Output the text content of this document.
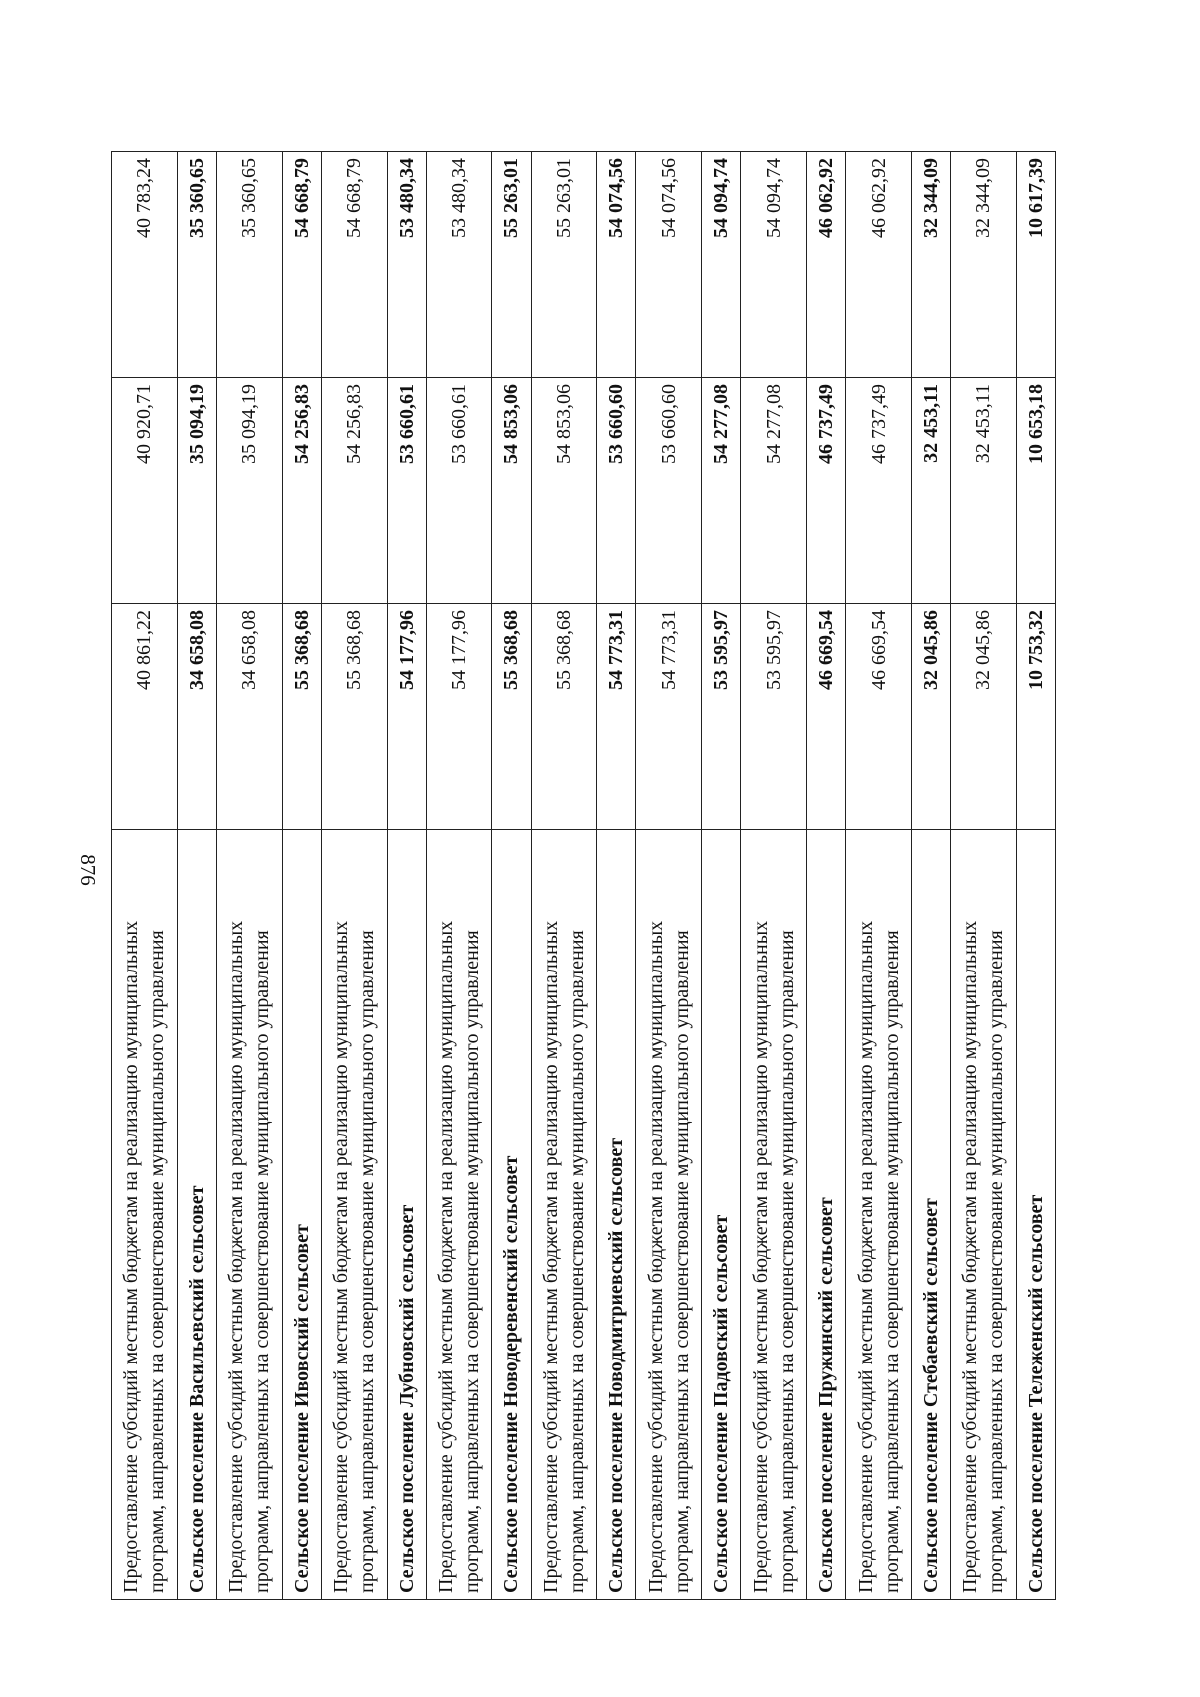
876
Предоставление субсидий местным бюджетам на реализацию муниципальных программ, направленных на совершенствование муниципального управления	40 861,22	40 920,71	40 783,24
Сельское поселение Васильевский сельсовет	34 658,08	35 094,19	35 360,65
Предоставление субсидий местным бюджетам на реализацию муниципальных программ, направленных на совершенствование муниципального управления	34 658,08	35 094,19	35 360,65
Сельское поселение Ивовский сельсовет	55 368,68	54 256,83	54 668,79
Предоставление субсидий местным бюджетам на реализацию муниципальных программ, направленных на совершенствование муниципального управления	55 368,68	54 256,83	54 668,79
Сельское поселение Лубновский сельсовет	54 177,96	53 660,61	53 480,34
Предоставление субсидий местным бюджетам на реализацию муниципальных программ, направленных на совершенствование муниципального управления	54 177,96	53 660,61	53 480,34
Сельское поселение Новодеревенский сельсовет	55 368,68	54 853,06	55 263,01
Предоставление субсидий местным бюджетам на реализацию муниципальных программ, направленных на совершенствование муниципального управления	55 368,68	54 853,06	55 263,01
Сельское поселение Новодмитриевский сельсовет	54 773,31	53 660,60	54 074,56
Предоставление субсидий местным бюджетам на реализацию муниципальных программ, направленных на совершенствование муниципального управления	54 773,31	53 660,60	54 074,56
Сельское поселение Падовский сельсовет	53 595,97	54 277,08	54 094,74
Предоставление субсидий местным бюджетам на реализацию муниципальных программ, направленных на совершенствование муниципального управления	53 595,97	54 277,08	54 094,74
Сельское поселение Пружинский сельсовет	46 669,54	46 737,49	46 062,92
Предоставление субсидий местным бюджетам на реализацию муниципальных программ, направленных на совершенствование муниципального управления	46 669,54	46 737,49	46 062,92
Сельское поселение Стебаевский сельсовет	32 045,86	32 453,11	32 344,09
Предоставление субсидий местным бюджетам на реализацию муниципальных программ, направленных на совершенствование муниципального управления	32 045,86	32 453,11	32 344,09
Сельское поселение Тележенский сельсовет	10 753,32	10 653,18	10 617,39
